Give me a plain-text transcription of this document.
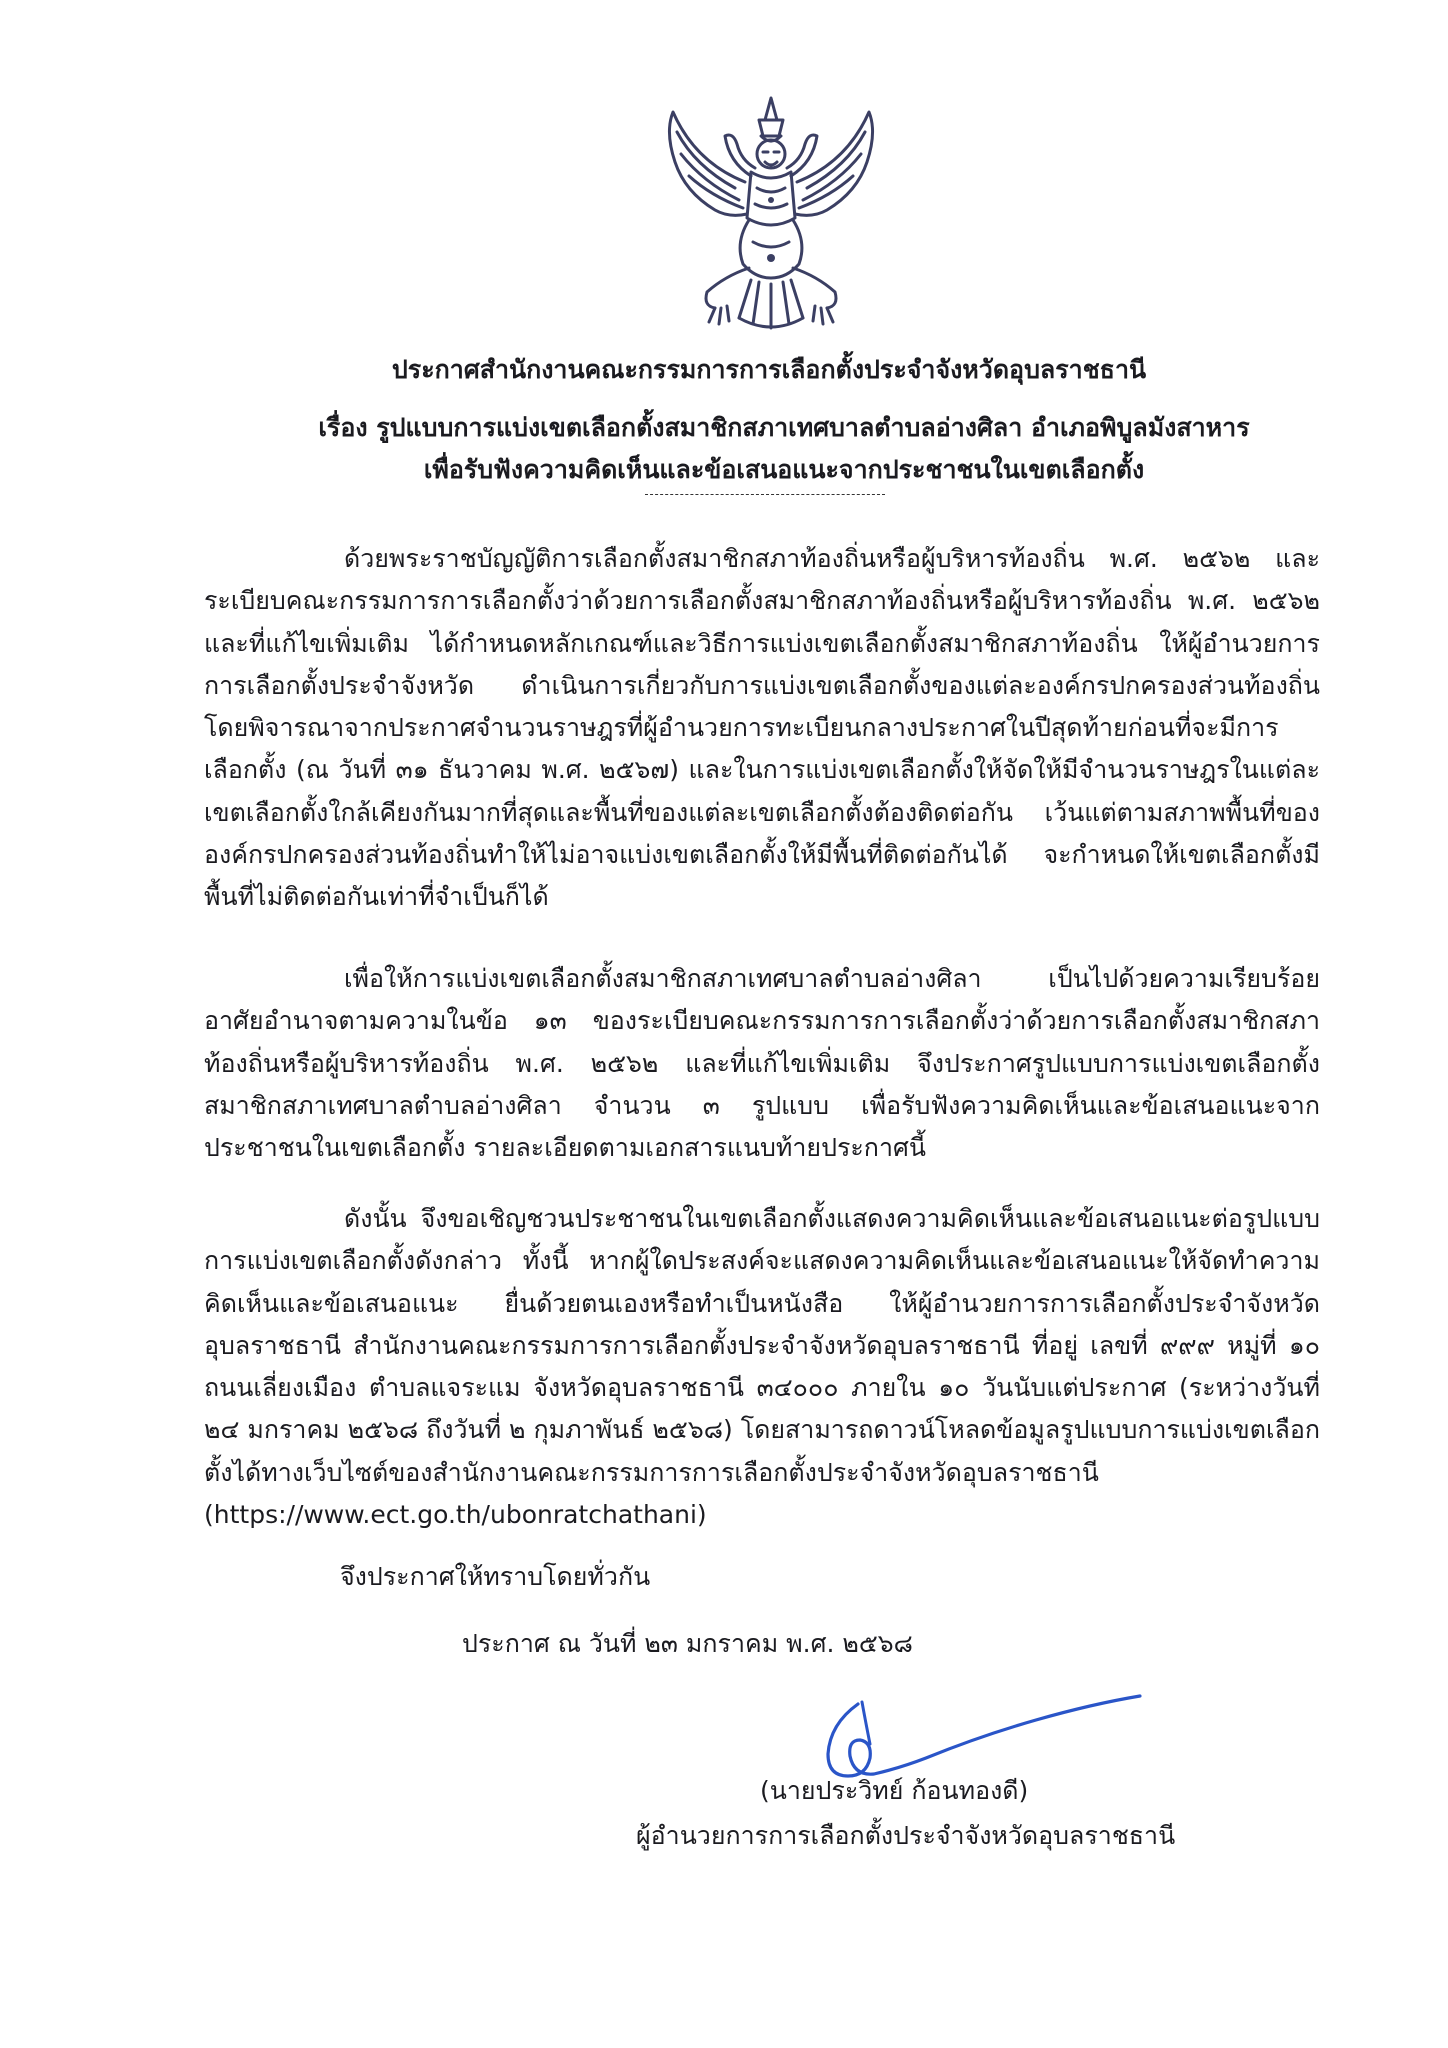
ประกาศสำนักงานคณะกรรมการการเลือกตั้งประจำจังหวัดอุบลราชธานี
เรื่อง รูปแบบการแบ่งเขตเลือกตั้งสมาชิกสภาเทศบาลตำบลอ่างศิลา อำเภอพิบูลมังสาหาร
เพื่อรับฟังความคิดเห็นและข้อเสนอแนะจากประชาชนในเขตเลือกตั้ง

ด้วยพระราชบัญญัติการเลือกตั้งสมาชิกสภาท้องถิ่นหรือผู้บริหารท้องถิ่น พ.ศ. ๒๕๖๒ และระเบียบคณะกรรมการการเลือกตั้งว่าด้วยการเลือกตั้งสมาชิกสภาท้องถิ่นหรือผู้บริหารท้องถิ่น พ.ศ. ๒๕๖๒ และที่แก้ไขเพิ่มเติม ได้กำหนดหลักเกณฑ์และวิธีการแบ่งเขตเลือกตั้งสมาชิกสภาท้องถิ่น ให้ผู้อำนวยการการเลือกตั้งประจำจังหวัด ดำเนินการเกี่ยวกับการแบ่งเขตเลือกตั้งของแต่ละองค์กรปกครองส่วนท้องถิ่น โดยพิจารณาจากประกาศจำนวนราษฎรที่ผู้อำนวยการทะเบียนกลางประกาศในปีสุดท้ายก่อนที่จะมีการเลือกตั้ง (ณ วันที่ ๓๑ ธันวาคม พ.ศ. ๒๕๖๗) และในการแบ่งเขตเลือกตั้งให้จัดให้มีจำนวนราษฎรในแต่ละเขตเลือกตั้งใกล้เคียงกันมากที่สุดและพื้นที่ของแต่ละเขตเลือกตั้งต้องติดต่อกัน เว้นแต่ตามสภาพพื้นที่ขององค์กรปกครองส่วนท้องถิ่นทำให้ไม่อาจแบ่งเขตเลือกตั้งให้มีพื้นที่ติดต่อกันได้ จะกำหนดให้เขตเลือกตั้งมีพื้นที่ไม่ติดต่อกันเท่าที่จำเป็นก็ได้

เพื่อให้การแบ่งเขตเลือกตั้งสมาชิกสภาเทศบาลตำบลอ่างศิลา เป็นไปด้วยความเรียบร้อย อาศัยอำนาจตามความในข้อ ๑๓ ของระเบียบคณะกรรมการการเลือกตั้งว่าด้วยการเลือกตั้งสมาชิกสภาท้องถิ่นหรือผู้บริหารท้องถิ่น พ.ศ. ๒๕๖๒ และที่แก้ไขเพิ่มเติม จึงประกาศรูปแบบการแบ่งเขตเลือกตั้งสมาชิกสภาเทศบาลตำบลอ่างศิลา จำนวน ๓ รูปแบบ เพื่อรับฟังความคิดเห็นและข้อเสนอแนะจากประชาชนในเขตเลือกตั้ง รายละเอียดตามเอกสารแนบท้ายประกาศนี้

ดังนั้น จึงขอเชิญชวนประชาชนในเขตเลือกตั้งแสดงความคิดเห็นและข้อเสนอแนะต่อรูปแบบการแบ่งเขตเลือกตั้งดังกล่าว ทั้งนี้ หากผู้ใดประสงค์จะแสดงความคิดเห็นและข้อเสนอแนะให้จัดทำความคิดเห็นและข้อเสนอแนะ ยื่นด้วยตนเองหรือทำเป็นหนังสือ ให้ผู้อำนวยการการเลือกตั้งประจำจังหวัดอุบลราชธานี สำนักงานคณะกรรมการการเลือกตั้งประจำจังหวัดอุบลราชธานี ที่อยู่ เลขที่ ๙๙๙ หมู่ที่ ๑๐ ถนนเลี่ยงเมือง ตำบลแจระแม จังหวัดอุบลราชธานี ๓๔๐๐๐ ภายใน ๑๐ วันนับแต่ประกาศ (ระหว่างวันที่ ๒๔ มกราคม ๒๕๖๘ ถึงวันที่ ๒ กุมภาพันธ์ ๒๕๖๘) โดยสามารถดาวน์โหลดข้อมูลรูปแบบการแบ่งเขตเลือกตั้งได้ทางเว็บไซต์ของสำนักงานคณะกรรมการการเลือกตั้งประจำจังหวัดอุบลราชธานี (https://www.ect.go.th/ubonratchathani)

จึงประกาศให้ทราบโดยทั่วกัน
ประกาศ ณ วันที่ ๒๓ มกราคม พ.ศ. ๒๕๖๘
(นายประวิทย์ ก้อนทองดี)
ผู้อำนวยการการเลือกตั้งประจำจังหวัดอุบลราชธานี
